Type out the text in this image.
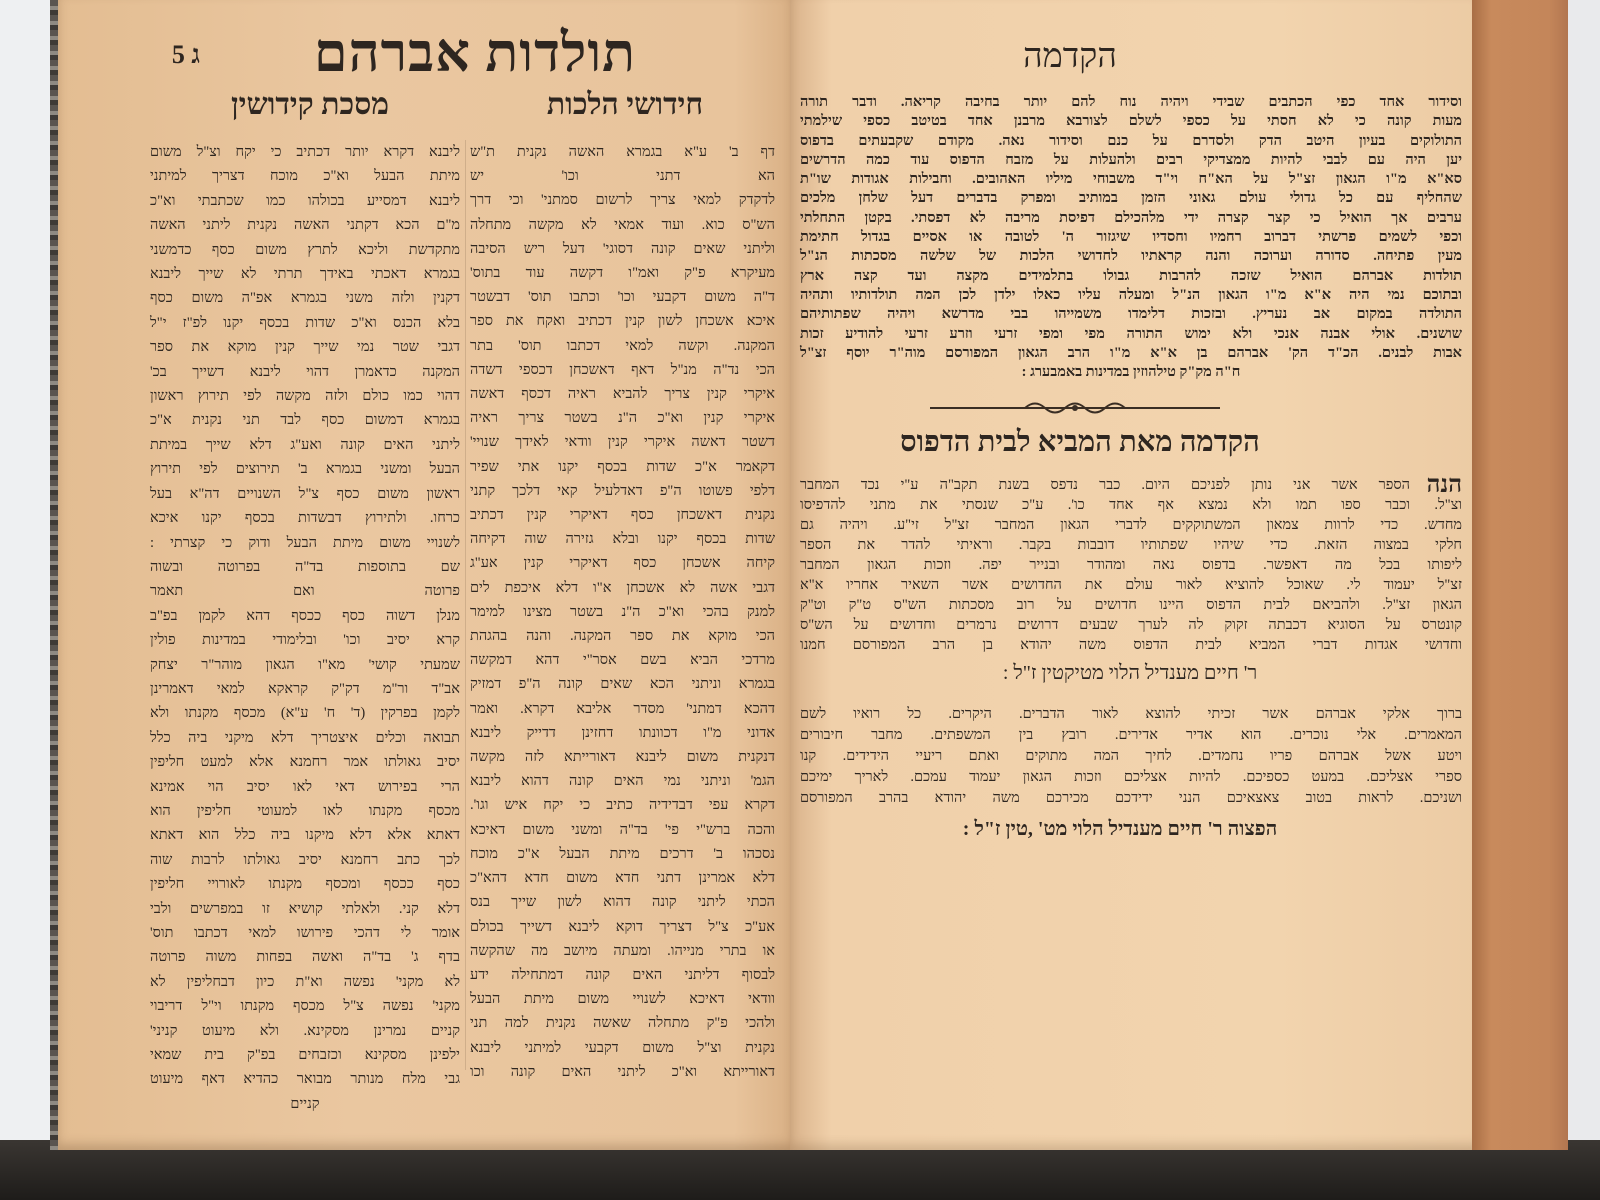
ג 5 תולדות אברהם
חידושי הלכות
מסכת קידושין
דף ב' ע"א בגמרא האשה נקנית ת"ש
הא דתני וכו' יש
לדקדק למאי צריך לרשום סמתני' וכי דרך
הש"ס כוא. ועוד אמאי לא מקשה מתחלה
וליתני שאים קונה דסוגי' דעל ריש הסיבה
מעיקרא פ"ק ואמ"ו דקשה עוד בתוס'
ד"ה משום דקבעי וכו' וכתבו תוס' דבשטר
איכא אשכחן לשון קנין דכתיב ואקח את ספר
המקנה. וקשה למאי דכתבו תוס' בתר
הכי נד"ה מנ"ל דאף דאשכחן דכספי דשדה
איקרי קנין צריך להביא ראיה דכסף דאשה
איקרי קנין וא"כ ה"נ בשטר צריך ראיה
דשטר דאשה איקרי קנין וודאי לאידך שנויי'
דקאמר א"כ שדות בכסף יקנו אתי שפיר
דלפי פשוטו ה"פ דאדלעיל קאי דלכך קתני
נקנית דאשכחן כסף דאיקרי קנין דכתיב
שדות בכסף יקנו ובלא גזירה שוה דקיחה
קיחה אשכחן כסף דאיקרי קנין אע"ג
דגבי אשה לא אשכחן א"ו דלא איכפת לים
למנק בהכי וא"כ ה"נ בשטר מצינו למימר
הכי מוקא את ספר המקנה. והנה בהגהת
מרדכי הביא בשם אסר"י דהא דמקשה
בגמרא וניתני הכא שאים קונה ה"פ דמזיק
דהכא דמתני' מסדר אליבא דקרא. ואמר
אדוני מ"ו דכוונתו דחזינן דדייק ליבנא
דנקנית משום ליבנא דאורייתא לזה מקשה
הגמ' וניתני נמי האים קונה דהוא ליבנא
דקרא עפי דבדידיה כתיב כי יקח איש וגו'.
והכה ברש"י פי' בד"ה ומשני משום דאיכא
נסכהו ב' דרכים מיתת הבעל א"כ מוכח
דלא אמרינן דתני חדא משום חדא דהא"כ
הכתי ליתני קונה דהוא לשון שייך בנס
אע"כ צ"ל דצריך דוקא ליבנא דשייך בכולם
או בתרי מנייהו. ומעתה מיושב מה שהקשה
לבסוף דליתני האים קונה דמתחילה ידע
וודאי דאיכא לשנויי משום מיתת הבעל
ולהכי פ"ק מתחלה שאשה נקנית למה תני
נקנית וצ"ל משום דקבעי למיתני ליבנא
דאורייתא וא"כ ליתני האים קונה וכו
ליבנא דקרא יותר דכתיב כי יקח וצ"ל משום
מיתת הבעל וא"כ מוכח דצריך למיתני
ליבנא דמסייע בכולהו כמו שכתבתי וא"כ
מ"ם הכא דקתני האשה נקנית ליתני האשה
מתקדשת וליכא לתרץ משום כסף כדמשני
בגמרא דאכתי באידך תרתי לא שייך ליבנא
דקנין ולזה משני בגמרא אפ"ה משום כסף
בלא הכנס וא"כ שדות בכסף יקנו לפ"ז י"ל
דגבי שטר נמי שייך קנין מוקא את ספר
המקנה כדאמרן דהוי ליבנא דשייך בכ'
דהוי כמו כולם ולזה מקשה לפי תירוץ ראשון
בגמרא דמשום כסף לבד תני נקנית א"כ
ליתני האים קונה ואע"ג דלא שייך במיתת
הבעל ומשני בגמרא ב' תירוצים לפי תירוץ
ראשון משום כסף צ"ל השנויים דה"א בעל
כרחו. ולתירוץ דבשדות בכסף יקנו איכא
לשנויי משום מיתת הבעל ודוק כי קצרתי :
שם בתוספות בד"ה בפרוטה ובשוה
פרוטה ואם תאמר
מנלן דשוה כסף ככסף דהא לקמן בפ"ב
קרא יסיב וכו' ובלימודי במדינות פולין
שמעתי קושי' מא"ו הגאון מוהר"ר יצחק
אב"ד ור"מ דק"ק קראקא למאי דאמרינן
לקמן בפרקין (ד' ח' ע"א) מכסף מקנתו ולא
תבואה וכלים איצטריך דלא מיקני ביה כלל
יסיב גאולתו אמר רחמנא אלא למעט חליפין
הרי בפירוש דאי לאו יסיב הוי אמינא
מכסף מקנתו לאו למעוטי חליפין הוא
דאתא אלא דלא מיקנו ביה כלל הוא דאתא
לכך כתב רחמנא יסיב גאולתו לרבות שוה
כסף ככסף ומכסף מקנתו לאורויי חליפין
דלא קני. ולאלתי קושיא זו במפרשים ולבי
אומר לי דהכי פירושו למאי דכתבו תוס'
בדף ג' בד"ה ואשה בפחות משוה פרוטה
לא מקני' נפשה וא"ת כיון דבחליפין לא
מקני' נפשה צ"ל מכסף מקנתו וי"ל דריבוי
קניים נמרינן מסקינא. ולא מיעוט קניני'
ילפינן מסקינא וכזבחים בפ"ק בית שמאי
גבי מלח מנותר מבואר כהדיא דאף מיעוט
קניים
הקדמה
וסידור אחד כפי הכתבים שבידי ויהיה נוח להם יותר בחיבה קריאה. ודבר תורה
מעות קונה כי לא חסתי על כספי לשלם לצורבא מרבנן אחד בטיטב כספי שילמתי
התולוקים בעיון היטב הדק ולסדרם על כנם וסידור נאה. מקודם שקבעתים בדפוס
יען היה עם לבבי להיות ממצדיקי רבים ולהעלות על מזבח הדפוס עוד כמה הדרשים
סא"א מ"ו הגאון זצ"ל על הא"ח וי"ד משבוחי מיליו האהובים. וחבילות אגודות שו"ת
שהחליף עם כל גדולי עולם גאוני הזמן במותיב ומפרק בדברים דעל שלחן מלכים
ערבים אך הואיל כי קצר קצרה ידי מלהכילם דפיסת מריבה לא דפסתי. בקטן התחלתי
וכפי לשמים פרשתי דברוב רחמיו וחסדיו שיגזור ה' לטובה או אסיים בגדול חתימת
מעין פתיחה. סדורה וערוכה והנה קראתיו לחדושי הלכות של שלשה מסכתות הנ"ל
תולדות אברהם הואיל שזכה להרבות גבולו בתלמידים מקצה ועד קצה ארץ
ובתוכם נמי היה א"א מ"ו הגאון הנ"ל ומעלה עליו כאלו ילדן לכן המה תולדותיו ותהיה
התולדה במקום אב נעריץ. ובזכות דלימדו משמייהו בבי מדרשא ויהיה שפתותיהם
שושנים. אולי אבנה אנכי ולא ימוש התורה מפי ומפי זרעי וזרע זרעי להודיע זכות
אבות לבנים. הכ"ד הק' אברהם בן א"א מ"ו הרב הגאון המפורסם מוה"ר יוסף זצ"ל
ח"ה מק"ק טילהוזין במדינות באמבערג :
הקדמה מאת המביא לבית הדפוס
הנה
הספר אשר אני נותן לפניכם היום. כבר נדפס בשנת תקב"ה ע"י נכד המחבר
וצ"ל. וכבר ספו תמו ולא נמצא אף אחד כו'. ע"כ שנסתי את מתני להדפיסו
מחדש. כדי לרוות צמאון המשתוקקים לדברי הגאון המחבר זצ"ל זי"ע. ויהיה גם
חלקי במצוה הזאת. כדי שיהיו שפתותיו דובבות בקבר. וראיתי להדר את הספר
ליפותו בכל מה דאפשר. בדפוס נאה ומהודר ובנייר יפה. וזכות הגאון המחבר
זצ"ל יעמוד לי. שאוכל להוציא לאור עולם את החדושים אשר השאיר אחריו א"א
הגאון זצ"ל. ולהביאם לבית הדפוס היינו חדושים על רוב מסכתות הש"ס ט"ק וט"ק
קונטרס על הסוגיא דכבתה זקוק לה לערך שבעים דרושים נרמרים וחדושים על הש"ס
וחדושי אגדות דברי המביא לבית הדפוס משה יהודא בן הרב המפורסם חמנו
ר' חיים מענדיל הלוי מטיקטין ז"ל :
ברוך אלקי אברהם אשר זכיתי להוצא לאור הדברים. היקרים. כל רואיו לשם
המאמרים. אלי נוכרים. הוא אדיר אדירים. רובץ בין המשפתים. מחבר חיבורים
ויטע אשל אברהם פריו נחמדים. לחיך המה מתוקים ואתם ריעיי הידידים. קנו
ספרי אצליכם. במעט כספיכם. להיות אצליכם וזכות הגאון יעמוד עמכם. לאריך ימיכם
ושניכם. לראות בטוב צאצאיכם הנני ידידכם מכירכם משה יהודא בהרב המפורסם
הפצוה ר' חיים מענדיל הלוי מט' ,טין ז"ל :
